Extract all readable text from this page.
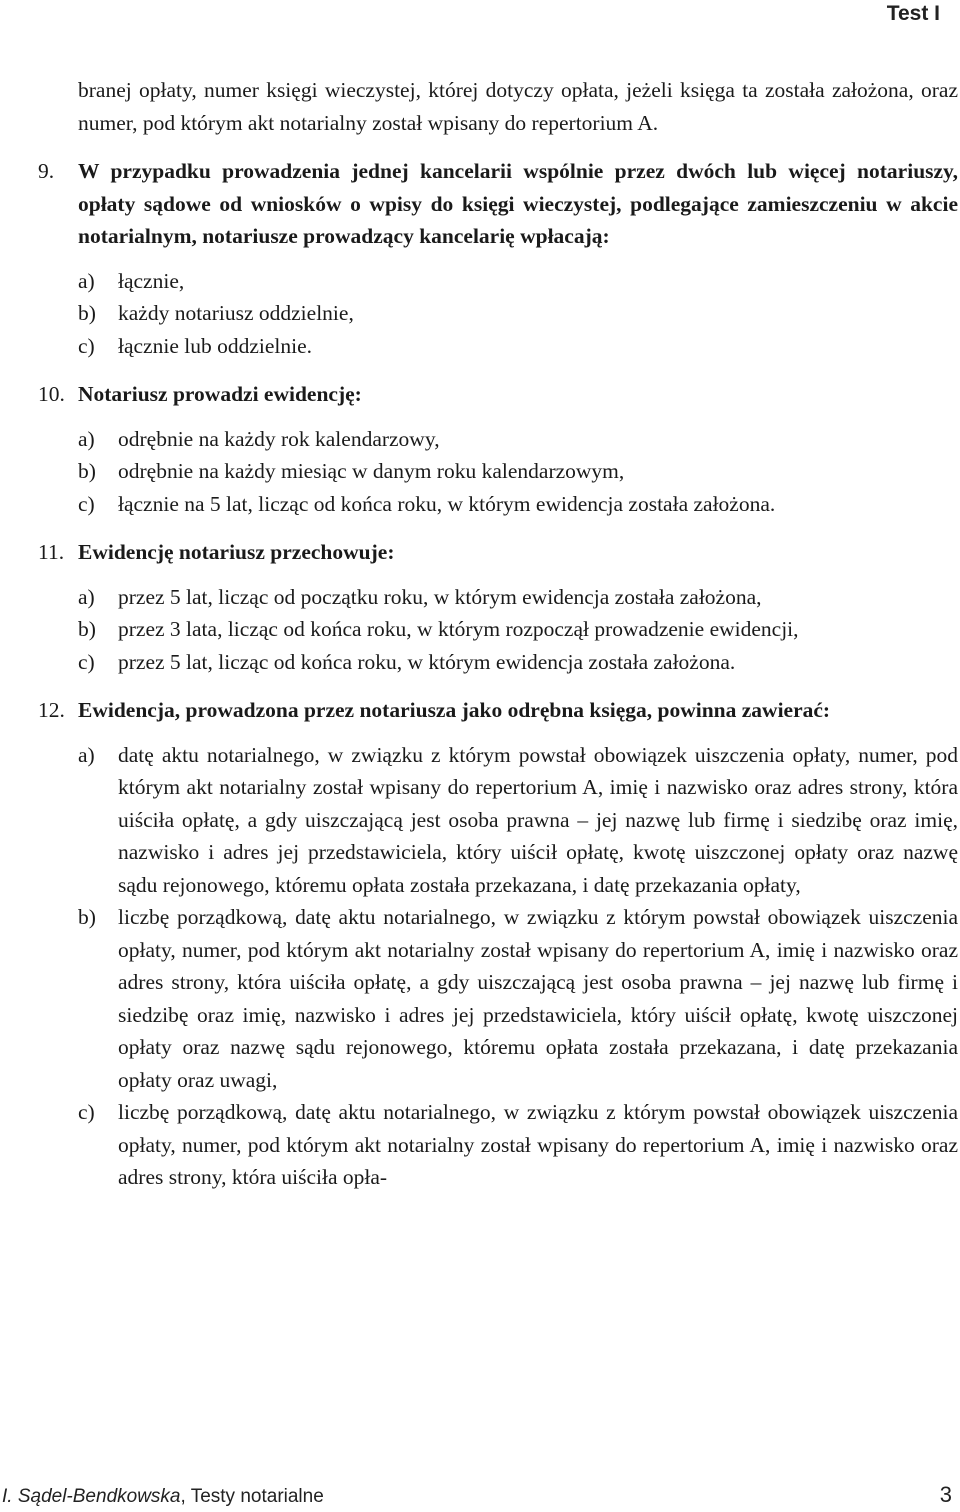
Test I

branej opłaty, numer księgi wieczystej, której dotyczy opłata, jeżeli księga ta została założona, oraz numer, pod którym akt notarialny został wpisany do repertorium A.

9. W przypadku prowadzenia jednej kancelarii wspólnie przez dwóch lub więcej notariuszy, opłaty sądowe od wniosków o wpisy do księgi wieczystej, podlegające zamieszczeniu w akcie notarialnym, notariusze prowadzący kancelarię wpłacają:
a) łącznie,
b) każdy notariusz oddzielnie,
c) łącznie lub oddzielnie.
10. Notariusz prowadzi ewidencję:
a) odrębnie na każdy rok kalendarzowy,
b) odrębnie na każdy miesiąc w danym roku kalendarzowym,
c) łącznie na 5 lat, licząc od końca roku, w którym ewidencja została założona.
11. Ewidencję notariusz przechowuje:
a) przez 5 lat, licząc od początku roku, w którym ewidencja została założona,
b) przez 3 lata, licząc od końca roku, w którym rozpoczął prowadzenie ewidencji,
c) przez 5 lat, licząc od końca roku, w którym ewidencja została założona.
12. Ewidencja, prowadzona przez notariusza jako odrębna księga, powinna zawierać:
a) datę aktu notarialnego, w związku z którym powstał obowiązek uiszczenia opłaty, numer, pod którym akt notarialny został wpisany do repertorium A, imię i nazwisko oraz adres strony, która uiściła opłatę, a gdy uiszczającą jest osoba prawna – jej nazwę lub firmę i siedzibę oraz imię, nazwisko i adres jej przedstawiciela, który uiścił opłatę, kwotę uiszczonej opłaty oraz nazwę sądu rejonowego, któremu opłata została przekazana, i datę przekazania opłaty,
b) liczbę porządkową, datę aktu notarialnego, w związku z którym powstał obowiązek uiszczenia opłaty, numer, pod którym akt notarialny został wpisany do repertorium A, imię i nazwisko oraz adres strony, która uiściła opłatę, a gdy uiszczającą jest osoba prawna – jej nazwę lub firmę i siedzibę oraz imię, nazwisko i adres jej przedstawiciela, który uiścił opłatę, kwotę uiszczonej opłaty oraz nazwę sądu rejonowego, któremu opłata została przekazana, i datę przekazania opłaty oraz uwagi,
c) liczbę porządkową, datę aktu notarialnego, w związku z którym powstał obowiązek uiszczenia opłaty, numer, pod którym akt notarialny został wpisany do repertorium A, imię i nazwisko oraz adres strony, która uiściła opła-
I. Sądel-Bendkowska, Testy notarialne	3
